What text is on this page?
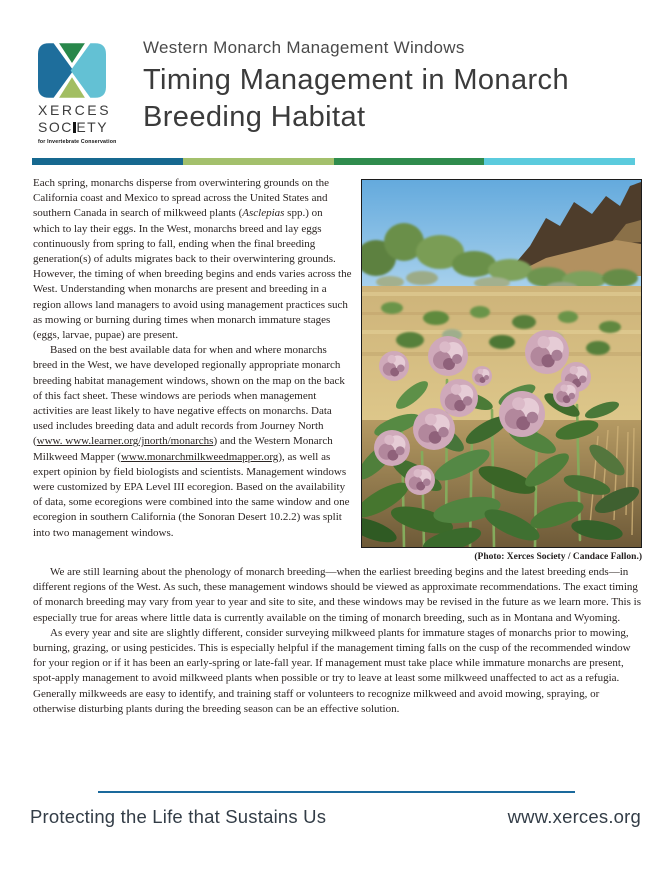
XERCES
SOC ETY
for Invertebrate Conservation
Western Monarch Management Windows
Timing Management in Monarch
Breeding Habitat
(Photo: Xerces Society / Candace Fallon.)

Each spring, monarchs disperse from overwintering grounds on the California coast and Mexico to spread across the United States and southern Canada in search of milkweed plants (Asclepias spp.) on which to lay their eggs. In the West, monarchs breed and lay eggs continuously from spring to fall, ending when the final breeding generation(s) of adults migrates back to their overwintering grounds. However, the timing of when breeding begins and ends varies across the West. Understanding when monarchs are present and breeding in a region allows land managers to avoid using management practices such as mowing or burning during times when monarch immature stages (eggs, larvae, pupae) are present.

Based on the best available data for when and where monarchs breed in the West, we have developed regionally appropriate monarch breeding habitat management windows, shown on the map on the back of this fact sheet. These windows are periods when management activities are least likely to have negative effects on monarchs. Data used includes breeding data and adult records from Journey North (www. www.learner.org/jnorth/monarchs) and the Western Monarch Milkweed Mapper (www.monarchmilkweedmapper.org), as well as expert opinion by field biologists and scientists. Management windows were customized by EPA Level III ecoregion. Based on the availability of data, some ecoregions were combined into the same window and one ecoregion in southern California (the Sonoran Desert 10.2.2) was split into two management windows.

We are still learning about the phenology of monarch breeding—when the earliest breeding begins and the latest breeding ends—in different regions of the West. As such, these management windows should be viewed as approximate recommendations. The exact timing of monarch breeding may vary from year to year and site to site, and these windows may be revised in the future as we learn more. This is especially true for areas where little data is currently available on the timing of monarch breeding, such as in Montana and Wyoming.

As every year and site are slightly different, consider surveying milkweed plants for immature stages of monarchs prior to mowing, burning, grazing, or using pesticides. This is especially helpful if the management timing falls on the cusp of the recommended window for your region or if it has been an early-spring or late-fall year. If management must take place while immature monarchs are present, spot-apply management to avoid milkweed plants when possible or try to leave at least some milkweed unaffected to act as a refugia. Generally milkweeds are easy to identify, and training staff or volunteers to recognize milkweed and avoid mowing, spraying, or otherwise disturbing plants during the breeding season can be an effective solution.

Protecting the Life that Sustains Us	www.xerces.org
